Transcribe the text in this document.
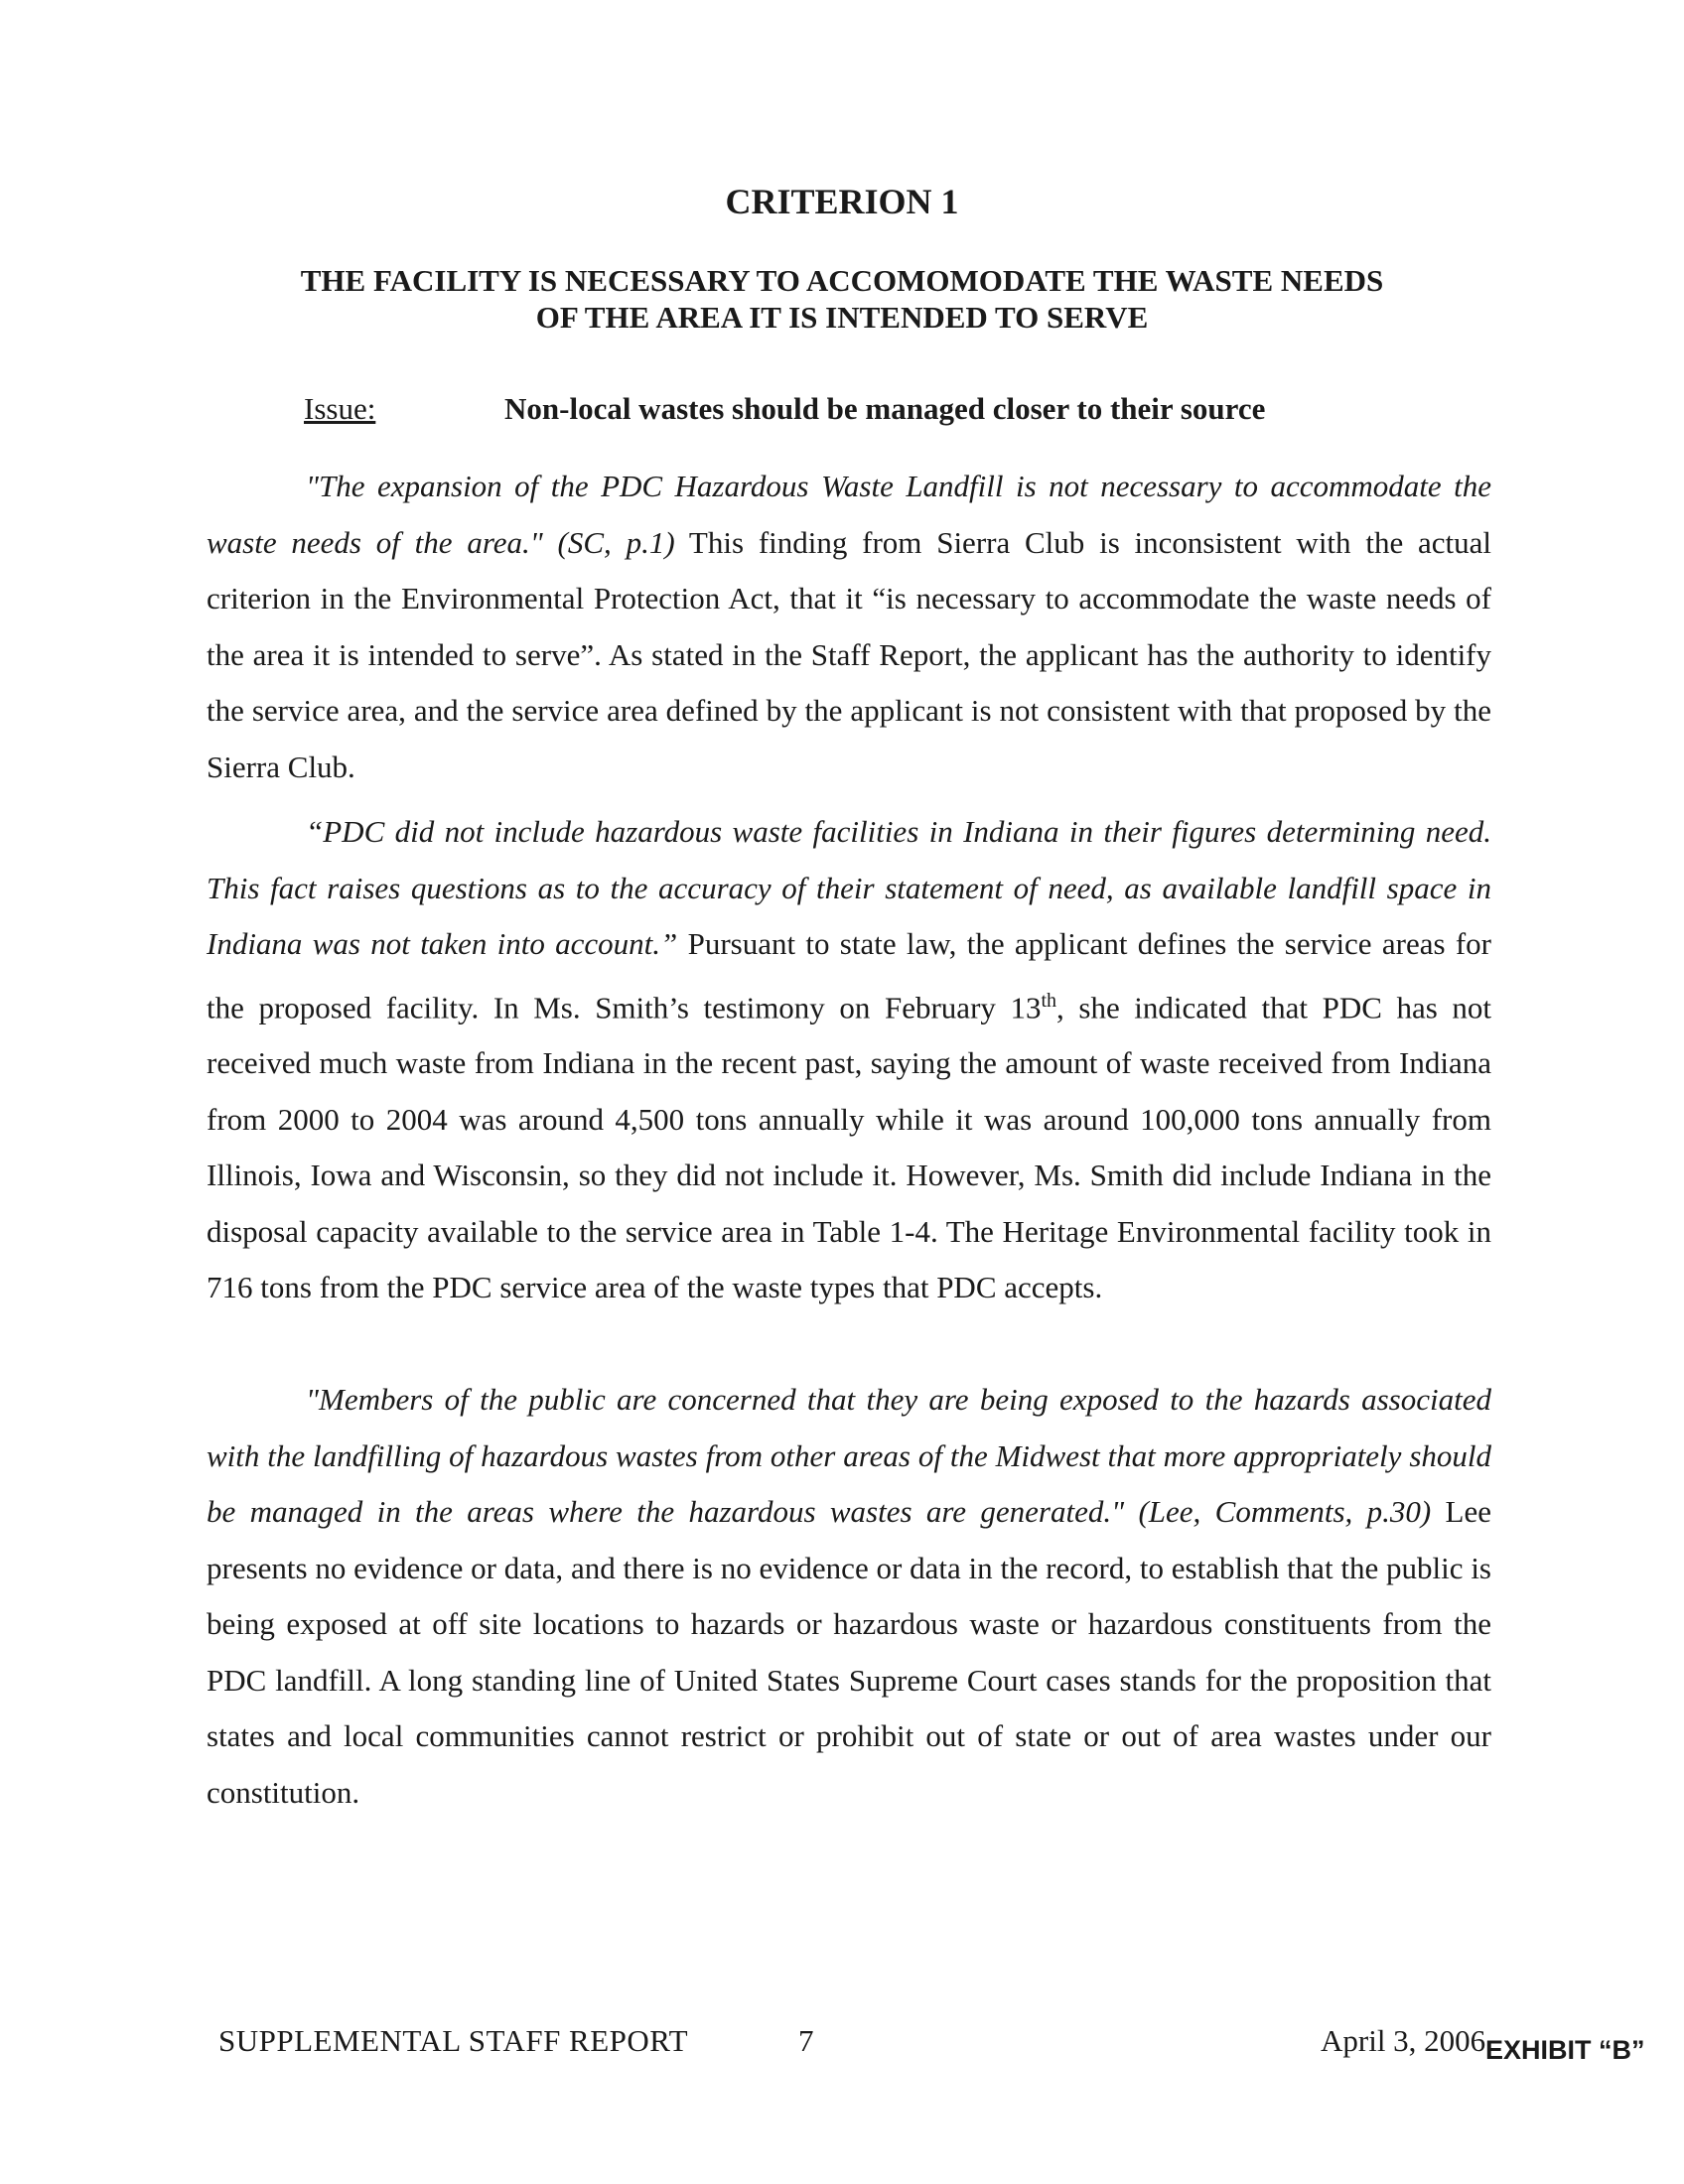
CRITERION 1
THE FACILITY IS NECESSARY TO ACCOMOMODATE THE WASTE NEEDS
OF THE AREA IT IS INTENDED TO SERVE
Issue:	Non-local wastes should be managed closer to their source

"The expansion of the PDC Hazardous Waste Landfill is not necessary to accommodate the waste needs of the area." (SC, p.1) This finding from Sierra Club is inconsistent with the actual criterion in the Environmental Protection Act, that it “is necessary to accommodate the waste needs of the area it is intended to serve”. As stated in the Staff Report, the applicant has the authority to identify the service area, and the service area defined by the applicant is not consistent with that proposed by the Sierra Club.

“PDC did not include hazardous waste facilities in Indiana in their figures determining need. This fact raises questions as to the accuracy of their statement of need, as available landfill space in Indiana was not taken into account.” Pursuant to state law, the applicant defines the service areas for the proposed facility. In Ms. Smith’s testimony on February 13th, she indicated that PDC has not received much waste from Indiana in the recent past, saying the amount of waste received from Indiana from 2000 to 2004 was around 4,500 tons annually while it was around 100,000 tons annually from Illinois, Iowa and Wisconsin, so they did not include it. However, Ms. Smith did include Indiana in the disposal capacity available to the service area in Table 1-4. The Heritage Environmental facility took in 716 tons from the PDC service area of the waste types that PDC accepts.

"Members of the public are concerned that they are being exposed to the hazards associated with the landfilling of hazardous wastes from other areas of the Midwest that more appropriately should be managed in the areas where the hazardous wastes are generated." (Lee, Comments, p.30) Lee presents no evidence or data, and there is no evidence or data in the record, to establish that the public is being exposed at off site locations to hazards or hazardous waste or hazardous constituents from the PDC landfill. A long standing line of United States Supreme Court cases stands for the proposition that states and local communities cannot restrict or prohibit out of state or out of area wastes under our constitution.

SUPPLEMENTAL STAFF REPORT	7	April 3, 2006 EXHIBIT “B”
